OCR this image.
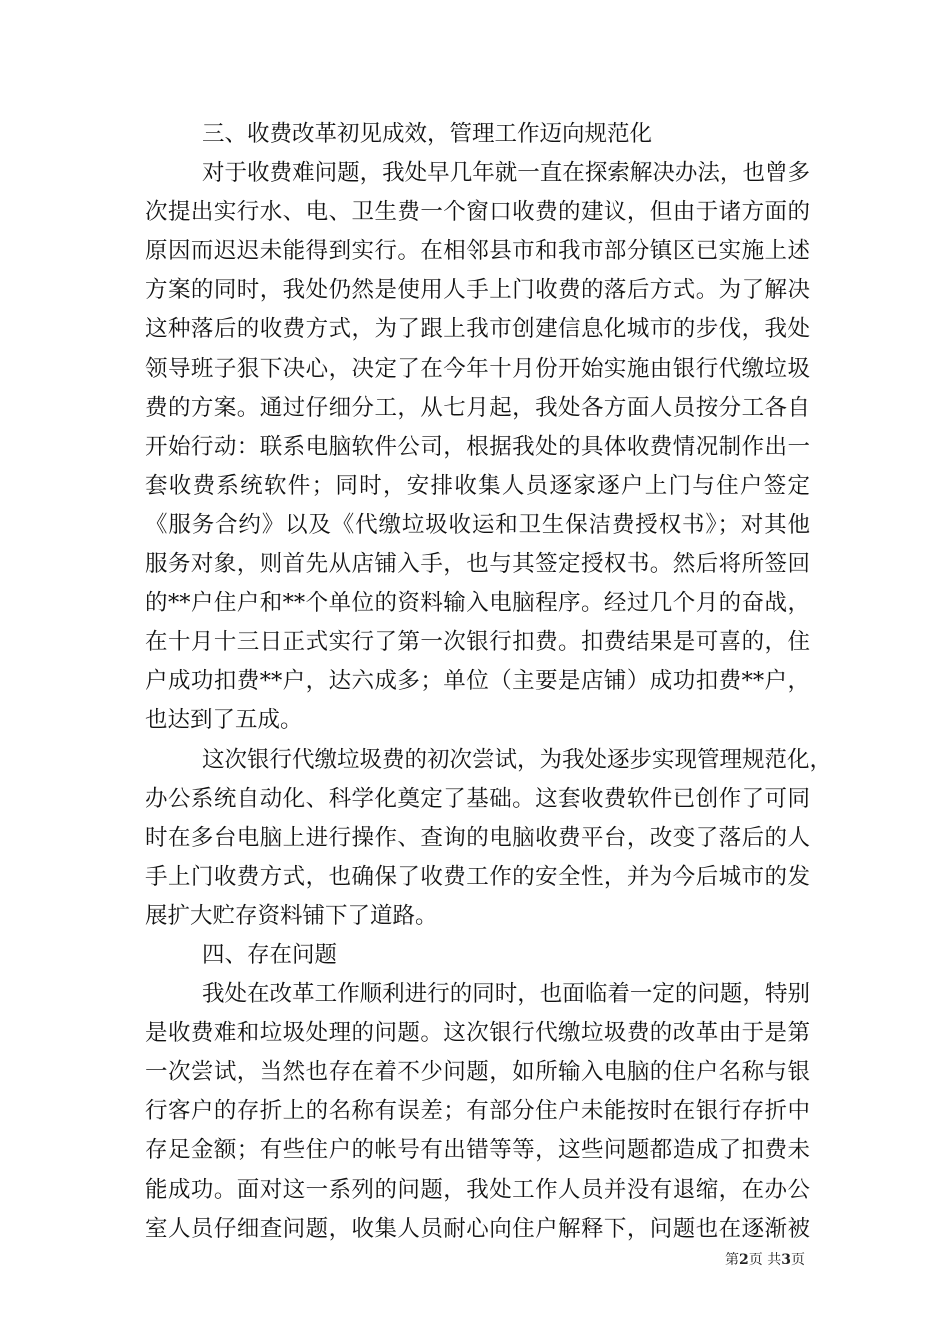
三、收费改革初见成效，管理工作迈向规范化
对于收费难问题，我处早几年就一直在探索解决办法，也曾多
次提出实行水、电、卫生费一个窗口收费的建议，但由于诸方面的
原因而迟迟未能得到实行。在相邻县市和我市部分镇区已实施上述
方案的同时，我处仍然是使用人手上门收费的落后方式。为了解决
这种落后的收费方式，为了跟上我市创建信息化城市的步伐，我处
领导班子狠下决心，决定了在今年十月份开始实施由银行代缴垃圾
费的方案。通过仔细分工，从七月起，我处各方面人员按分工各自
开始行动：联系电脑软件公司，根据我处的具体收费情况制作出一
套收费系统软件；同时，安排收集人员逐家逐户上门与住户签定
《服务合约》以及《代缴垃圾收运和卫生保洁费授权书》；对其他
服务对象，则首先从店铺入手，也与其签定授权书。然后将所签回
的**户住户和**个单位的资料输入电脑程序。经过几个月的奋战，
在十月十三日正式实行了第一次银行扣费。扣费结果是可喜的，住
户成功扣费**户，达六成多；单位（主要是店铺）成功扣费**户，
也达到了五成。
这次银行代缴垃圾费的初次尝试，为我处逐步实现管理规范化，
办公系统自动化、科学化奠定了基础。这套收费软件已创作了可同
时在多台电脑上进行操作、查询的电脑收费平台，改变了落后的人
手上门收费方式，也确保了收费工作的安全性，并为今后城市的发
展扩大贮存资料铺下了道路。
四、存在问题
我处在改革工作顺利进行的同时，也面临着一定的问题，特别
是收费难和垃圾处理的问题。这次银行代缴垃圾费的改革由于是第
一次尝试，当然也存在着不少问题，如所输入电脑的住户名称与银
行客户的存折上的名称有误差；有部分住户未能按时在银行存折中
存足金额；有些住户的帐号有出错等等，这些问题都造成了扣费未
能成功。面对这一系列的问题，我处工作人员并没有退缩，在办公
室人员仔细查问题，收集人员耐心向住户解释下，问题也在逐渐被
第2页 共3页
